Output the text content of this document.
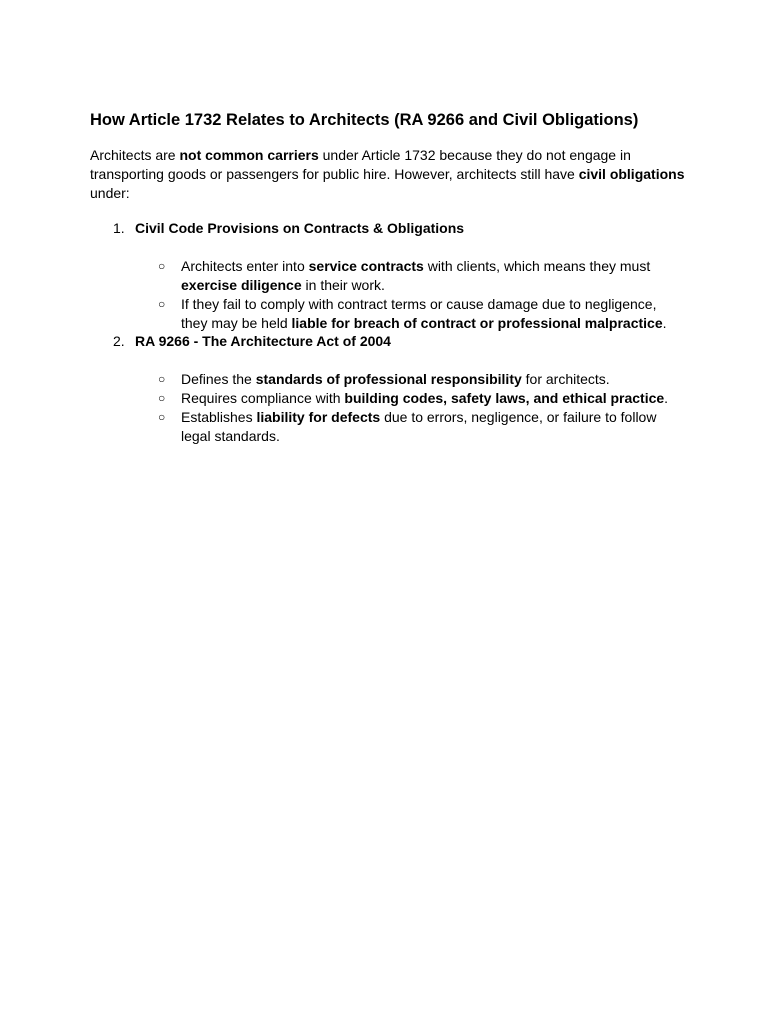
How Article 1732 Relates to Architects (RA 9266 and Civil Obligations)

Architects are not common carriers under Article 1732 because they do not engage in
transporting goods or passengers for public hire. However, architects still have civil obligations
under:

1. Civil Code Provisions on Contracts & Obligations
○ Architects enter into service contracts with clients, which means they must
exercise diligence in their work.
○ If they fail to comply with contract terms or cause damage due to negligence,
they may be held liable for breach of contract or professional malpractice.
2. RA 9266 - The Architecture Act of 2004
○ Defines the standards of professional responsibility for architects.
○ Requires compliance with building codes, safety laws, and ethical practice.
○ Establishes liability for defects due to errors, negligence, or failure to follow
legal standards.
